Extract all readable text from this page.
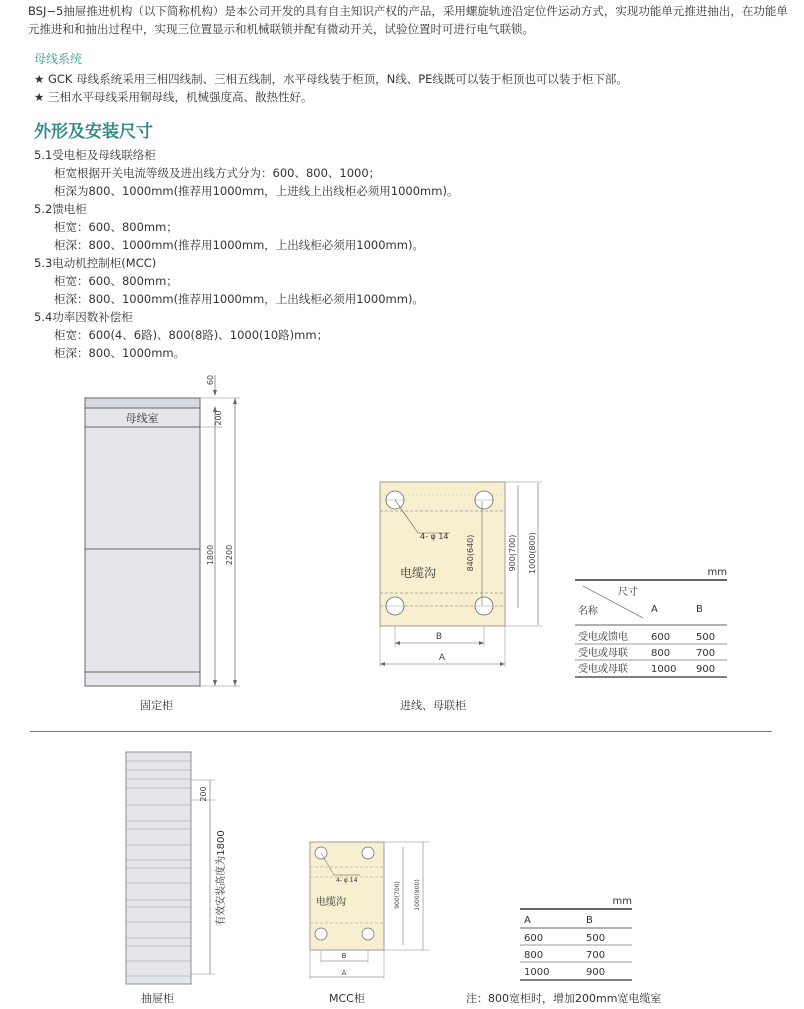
BSJ−5抽屉推进机构（以下简称机构）是本公司开发的具有自主知识产权的产品，采用螺旋轨迹沿定位件运动方式，实现功能单元推进抽出，在功能单元推进和和抽出过程中，实现三位置显示和机械联锁并配有微动开关，试验位置时可进行电气联锁。
母线系统
★ GCK 母线系统采用三相四线制、三相五线制，水平母线装于柜顶，N线、PE线既可以装于柜顶也可以装于柜下部。
★ 三相水平母线采用铜母线，机械强度高、散热性好。
外形及安装尺寸
5.1受电柜及母线联络柜
柜宽根据开关电流等级及进出线方式分为：600、800、1000；
柜深为800、1000mm(推荐用1000mm，上进线上出线柜必须用1000mm)。
5.2馈电柜
柜宽：600、800mm；
柜深：800、1000mm(推荐用1000mm，上出线柜必须用1000mm)。
5.3电动机控制柜(MCC)
柜宽：600、800mm；
柜深：800、1000mm(推荐用1000mm，上出线柜必须用1000mm)。
5.4功率因数补偿柜
柜宽：600(4、6路)、800(8路)、1000(10路)mm；
柜深：800、1000mm。
母线室
60
200
1800 2200
固定柜
4- φ 14
电缆沟
840(640)	900(700) 1000(800)
B
A
进线、母联柜
mm
尺寸
名称	A	B
受电或馈电 600	500
受电或母联 800	700
受电或母联 1000 900
200
有效安装高度为1800
抽屉柜
4- φ 14
电缆沟	900(700) 1000(800)
B
A
MCC柜
mm
A	B
600	500
800	700
1000	900
注：800宽柜时，增加200mm宽电缆室
